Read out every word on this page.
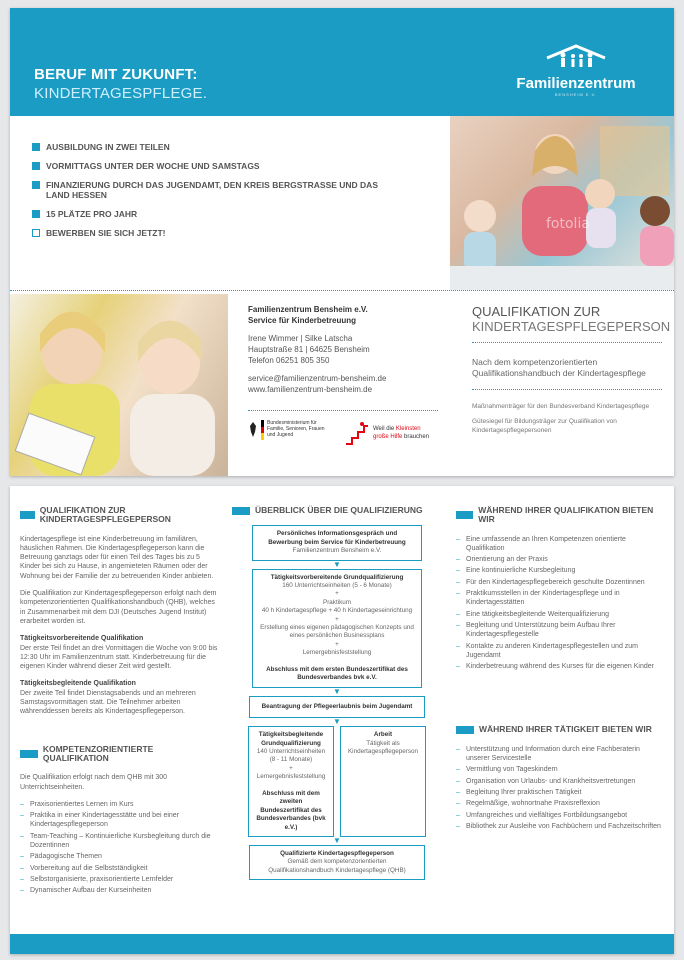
BERUF MIT ZUKUNFT:
KINDERTAGESPFLEGE.
Familienzentrum
BENSHEIM E.V.
AUSBILDUNG IN ZWEI TEILEN
VORMITTAGS UNTER DER WOCHE UND SAMSTAGS
FINANZIERUNG DURCH DAS JUGENDAMT, DEN KREIS BERGSTRASSE UND DAS LAND HESSEN
15 PLÄTZE PRO JAHR
BEWERBEN SIE SICH JETZT!
fotolia

Familienzentrum Bensheim e.V.
Service für Kinderbetreuung

Irene Wimmer | Silke Latscha
Hauptstraße 81 | 64625 Bensheim
Telefon 06251 805 350

service@familienzentrum-bensheim.de
www.familienzentrum-bensheim.de

Bundesministerium für Familie, Senioren, Frauen und Jugend
Weil die Kleinsten
große Hilfe brauchen
QUALIFIKATION ZUR
KINDERTAGESPFLEGEPERSON
Nach dem kompetenzorientierten Qualifikationshandbuch der Kindertagespflege

Maßnahmenträger für den Bundesverband Kindertagespflege

Gütesiegel für Bildungsträger zur Qualifikation von Kindertagespflegepersonen

QUALIFIKATION ZUR KINDERTAGESPFLEGEPERSON

Kindertagespflege ist eine Kinderbetreuung im familiären, häuslichen Rahmen. Die Kindertagespflegeperson kann die Betreuung ganztags oder für einen Teil des Tages bis zu 5 Kinder bei sich zu Hause, in angemieteten Räumen oder der Wohnung bei der Familie der zu betreuenden Kinder anbieten.

Die Qualifikation zur Kindertagespflegeperson erfolgt nach dem kompetenzorientierten Qualifikationshandbuch (QHB), welches in Zusammenarbeit mit dem DJI (Deutsches Jugend Institut) erarbeitet worden ist.

Tätigkeitsvorbereitende Qualifikation

Der erste Teil findet an drei Vormittagen die Woche von 9:00 bis 12:30 Uhr im Familienzentrum statt. Kinderbetreuung für die eigenen Kinder während dieser Zeit wird gestellt.

Tätigkeitsbegleitende Qualifikation

Der zweite Teil findet Dienstagsabends und an mehreren Samstagsvormittagen statt. Die Teilnehmer arbeiten währenddessen bereits als Kindertagespflegeperson.

KOMPETENZORIENTIERTE QUALIFIKATION

Die Qualifikation erfolgt nach dem QHB mit 300 Unterrichtseinheiten.

– Praxisorientiertes Lernen im Kurs
– Praktika in einer Kindertagesstätte und bei einer Kindertagespflegeperson
– Team-Teaching – Kontinuierliche Kursbegleitung durch die Dozentinnen
– Pädagogische Themen
– Vorbereitung auf die Selbstständigkeit
– Selbstorganisierte, praxisorientierte Lernfelder
– Dynamischer Aufbau der Kurseinheiten
ÜBERBLICK ÜBER DIE QUALIFIZIERUNG
Persönliches Informationsgespräch und Bewerbung beim Service für Kinderbetreuung
Familienzentrum Bensheim e.V.
▼
Tätigkeitsvorbereitende Grundqualifizierung
160 Unterrichtseinheiten (5 - 6 Monate)
+
Praktikum
40 h Kindertagespflege + 40 h Kindertageseinrichtung
+
Erstellung eines eigenen pädagogischen Konzepts und eines persönlichen Businessplans
+
Lernergebnisfeststellung

Abschluss mit dem ersten Bundeszertifikat des Bundesverbandes bvk e.V.
▼
Beantragung der Pflegeerlaubnis beim Jugendamt
▼
Tätigkeitsbegleitende Grundqualifizierung
140 Unterrichtseinheiten (8 - 11 Monate)
+
Lernergebnisfeststellung

Abschluss mit dem zweiten Bundeszertifikat des Bundesverbandes (bvk e.V.)
Arbeit
Tätigkeit als Kindertagespflegeperson
▼
Qualifizierte Kindertagespflegeperson
Gemäß dem kompetenzorientierten Qualifikationshandbuch Kindertagespflege (QHB)
WÄHREND IHRER QUALIFIKATION BIETEN WIR
– Eine umfassende an Ihren Kompetenzen orientierte Qualifikation
– Orientierung an der Praxis
– Eine kontinuierliche Kursbegleitung
– Für den Kindertagespflegebereich geschulte Dozentinnen
– Praktikumsstellen in der Kindertagespflege und in Kindertagesstätten
– Eine tätigkeitsbegleitende Weiterqualifizierung
– Begleitung und Unterstützung beim Aufbau Ihrer Kindertagespflegestelle
– Kontakte zu anderen Kindertagespflegestellen und zum Jugendamt
– Kinderbetreuung während des Kurses für die eigenen Kinder
WÄHREND IHRER TÄTIGKEIT BIETEN WIR
– Unterstützung und Information durch eine Fachberaterin unserer Servicestelle
– Vermittlung von Tageskindern
– Organisation von Urlaubs- und Krankheitsvertretungen
– Begleitung Ihrer praktischen Tätigkeit
– Regelmäßige, wohnortnahe Praxisreflexion
– Umfangreiches und vielfältiges Fortbildungsangebot
– Bibliothek zur Ausleihe von Fachbüchern und Fachzeitschriften
